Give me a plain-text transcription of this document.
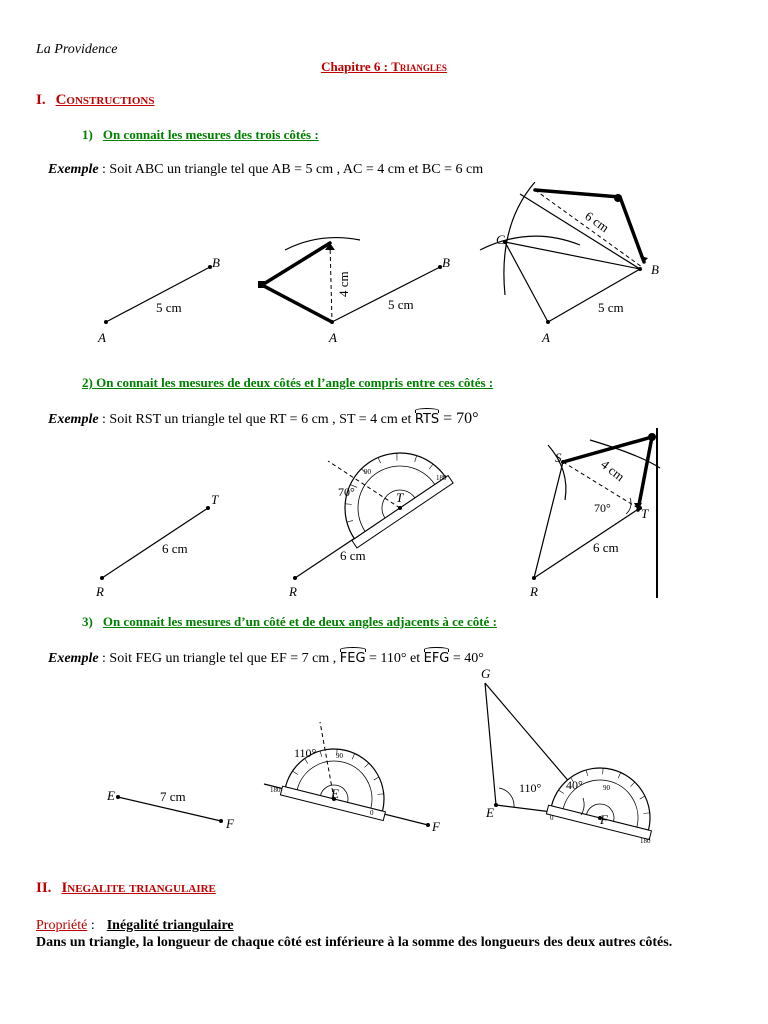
La Providence
Chapitre 6 : Triangles
I. Constructions
1) On connait les mesures des trois côtés :
Exemple : Soit ABC un triangle tel que AB = 5 cm , AC = 4 cm et BC = 6 cm
A
B
5 cm
A
B
5 cm
4 cm
A
B
C
5 cm
6 cm
2) On connait les mesures de deux côtés et l’angle compris entre ces côtés :
Exemple : Soit RST un triangle tel que RT = 6 cm , ST = 4 cm et RTS = 70°
R
T
6 cm
R
T
6 cm
70°
90
180
R
S
T
6 cm
4 cm
70°
3) On connait les mesures d’un côté et de deux angles adjacents à ce côté :
Exemple : Soit FEG un triangle tel que EF = 7 cm , FEG = 110° et EFG = 40°
E
F
7 cm	E
F
110°	90
180
0
G
E	F
110° 40°	90
180
0
II. Inegalite triangulaire
Propriété : Inégalité triangulaire
Dans un triangle, la longueur de chaque côté est inférieure à la somme des longueurs des deux autres côtés.
